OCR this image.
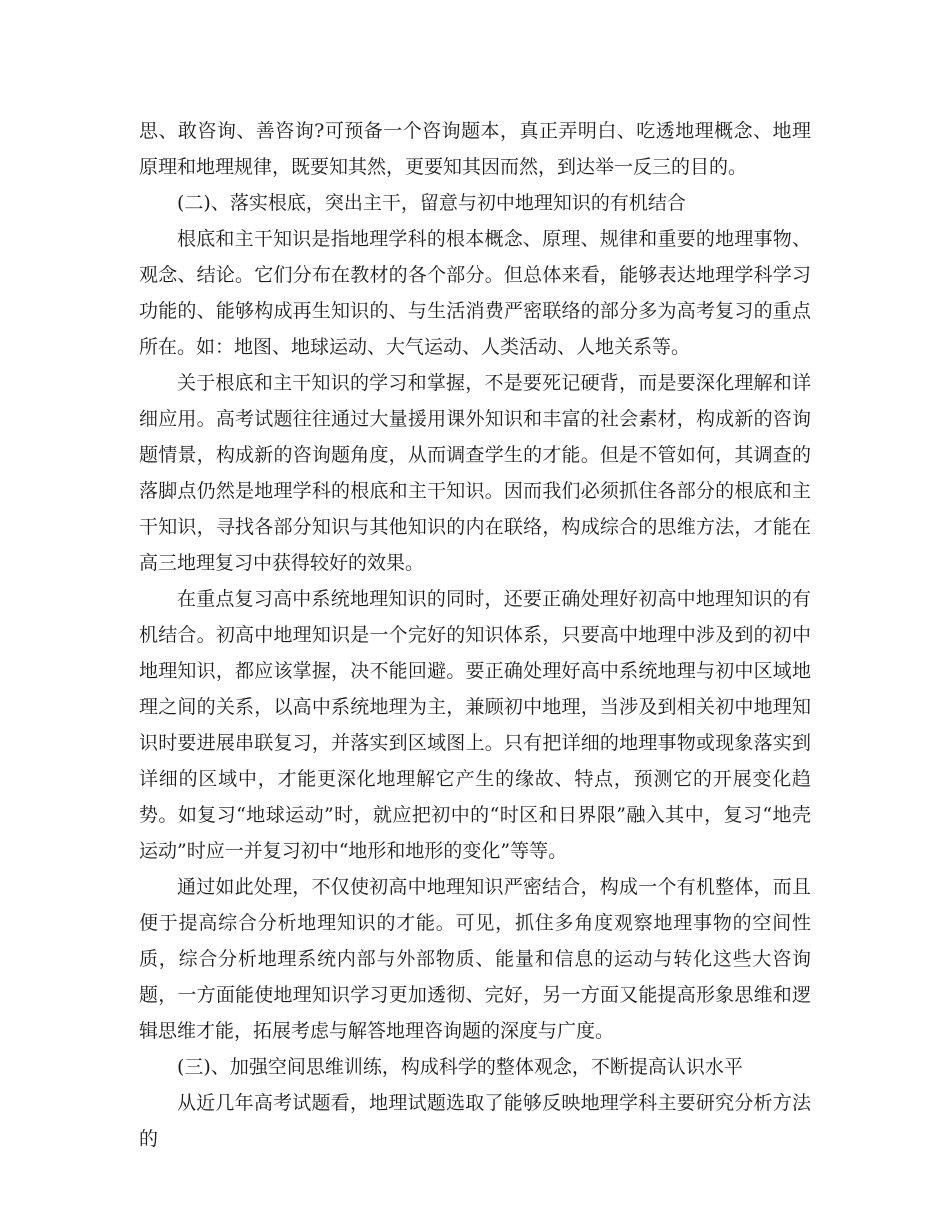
思、敢咨询、善咨询?可预备一个咨询题本，真正弄明白、吃透地理概念、地理原理和地理规律，既要知其然，更要知其因而然，到达举一反三的目的。

(二)、落实根底，突出主干，留意与初中地理知识的有机结合

根底和主干知识是指地理学科的根本概念、原理、规律和重要的地理事物、观念、结论。它们分布在教材的各个部分。但总体来看，能够表达地理学科学习功能的、能够构成再生知识的、与生活消费严密联络的部分多为高考复习的重点所在。如：地图、地球运动、大气运动、人类活动、人地关系等。

关于根底和主干知识的学习和掌握，不是要死记硬背，而是要深化理解和详细应用。高考试题往往通过大量援用课外知识和丰富的社会素材，构成新的咨询题情景，构成新的咨询题角度，从而调查学生的才能。但是不管如何，其调查的落脚点仍然是地理学科的根底和主干知识。因而我们必须抓住各部分的根底和主干知识，寻找各部分知识与其他知识的内在联络，构成综合的思维方法，才能在高三地理复习中获得较好的效果。

在重点复习高中系统地理知识的同时，还要正确处理好初高中地理知识的有机结合。初高中地理知识是一个完好的知识体系，只要高中地理中涉及到的初中地理知识，都应该掌握，决不能回避。要正确处理好高中系统地理与初中区域地理之间的关系，以高中系统地理为主，兼顾初中地理，当涉及到相关初中地理知识时要进展串联复习，并落实到区域图上。只有把详细的地理事物或现象落实到详细的区域中，才能更深化地理解它产生的缘故、特点，预测它的开展变化趋势。如复习“地球运动”时，就应把初中的“时区和日界限”融入其中，复习“地壳运动”时应一并复习初中“地形和地形的变化”等等。

通过如此处理，不仅使初高中地理知识严密结合，构成一个有机整体，而且便于提高综合分析地理知识的才能。可见，抓住多角度观察地理事物的空间性质，综合分析地理系统内部与外部物质、能量和信息的运动与转化这些大咨询题，一方面能使地理知识学习更加透彻、完好，另一方面又能提高形象思维和逻辑思维才能，拓展考虑与解答地理咨询题的深度与广度。

(三)、加强空间思维训练，构成科学的整体观念，不断提高认识水平

从近几年高考试题看，地理试题选取了能够反映地理学科主要研究分析方法的
